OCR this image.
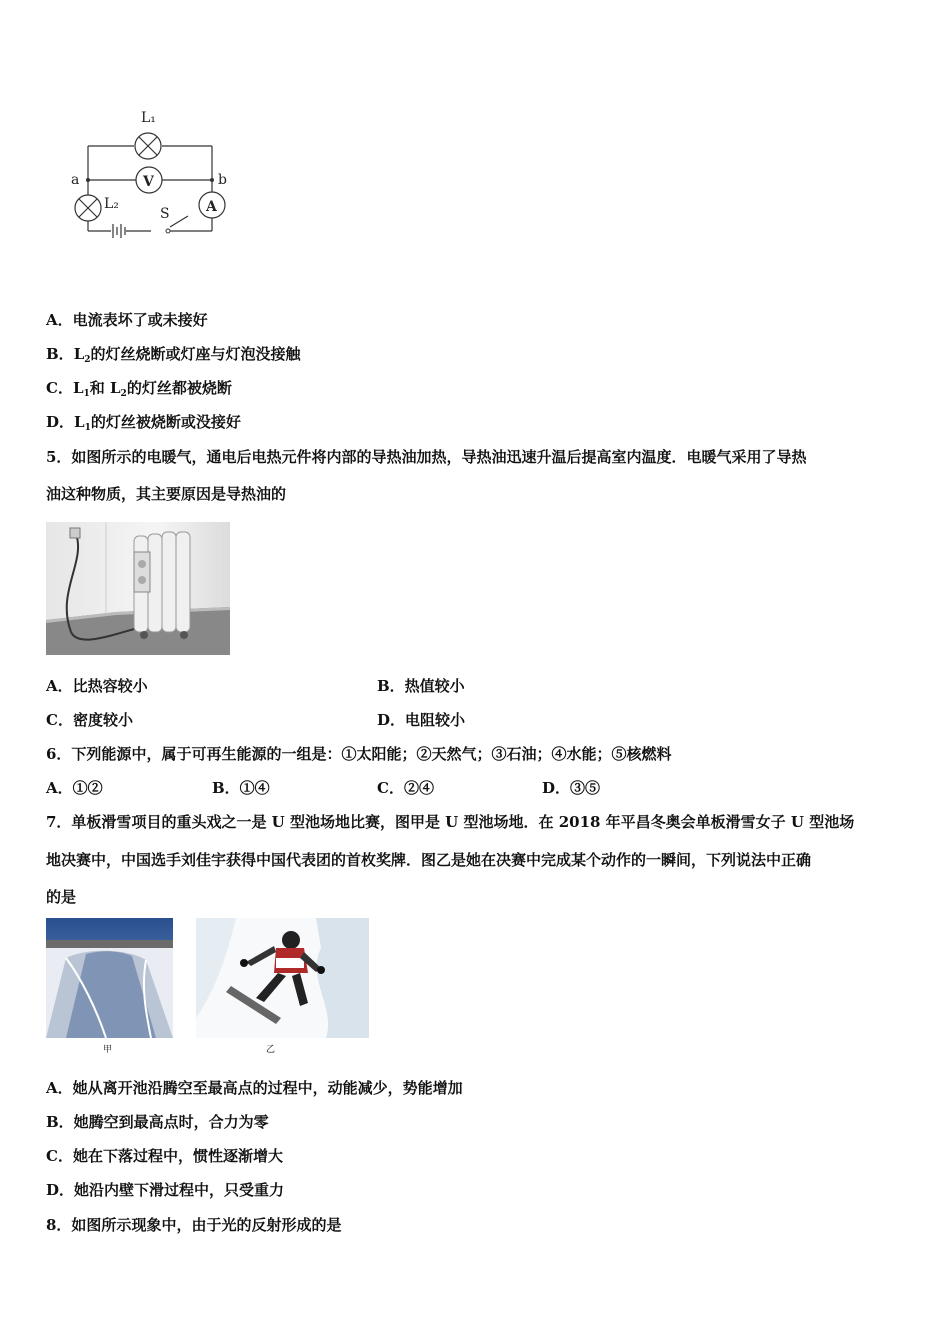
L₁
V
A
L₂
S
a	b
A．电流表坏了或未接好
B．$L_2$的灯丝烧断或灯座与灯泡没接触
C．$L_1$和 $L_2$的灯丝都被烧断
D．$L_1$的灯丝被烧断或没接好
5．如图所示的电暖气，通电后电热元件将内部的导热油加热，导热油迅速升温后提高室内温度．电暖气采用了导热
油这种物质，其主要原因是导热油的
A．比热容较小	B．热值较小
C．密度较小	D．电阻较小
6．下列能源中，属于可再生能源的一组是：①太阳能；②天然气；③石油；④水能；⑤核燃料
A．①②	B．①④	C．②④	D．③⑤
7．单板滑雪项目的重头戏之一是 U 型池场地比赛，图甲是 U 型池场地．在 2018 年平昌冬奥会单板滑雪女子 U 型池场
地决赛中，中国选手刘佳宇获得中国代表团的首枚奖牌．图乙是她在决赛中完成某个动作的一瞬间，下列说法中正确
的是
甲	乙
A．她从离开池沿腾空至最高点的过程中，动能减少，势能增加
B．她腾空到最高点时，合力为零
C．她在下落过程中，惯性逐渐增大
D．她沿内壁下滑过程中，只受重力
8．如图所示现象中，由于光的反射形成的是
